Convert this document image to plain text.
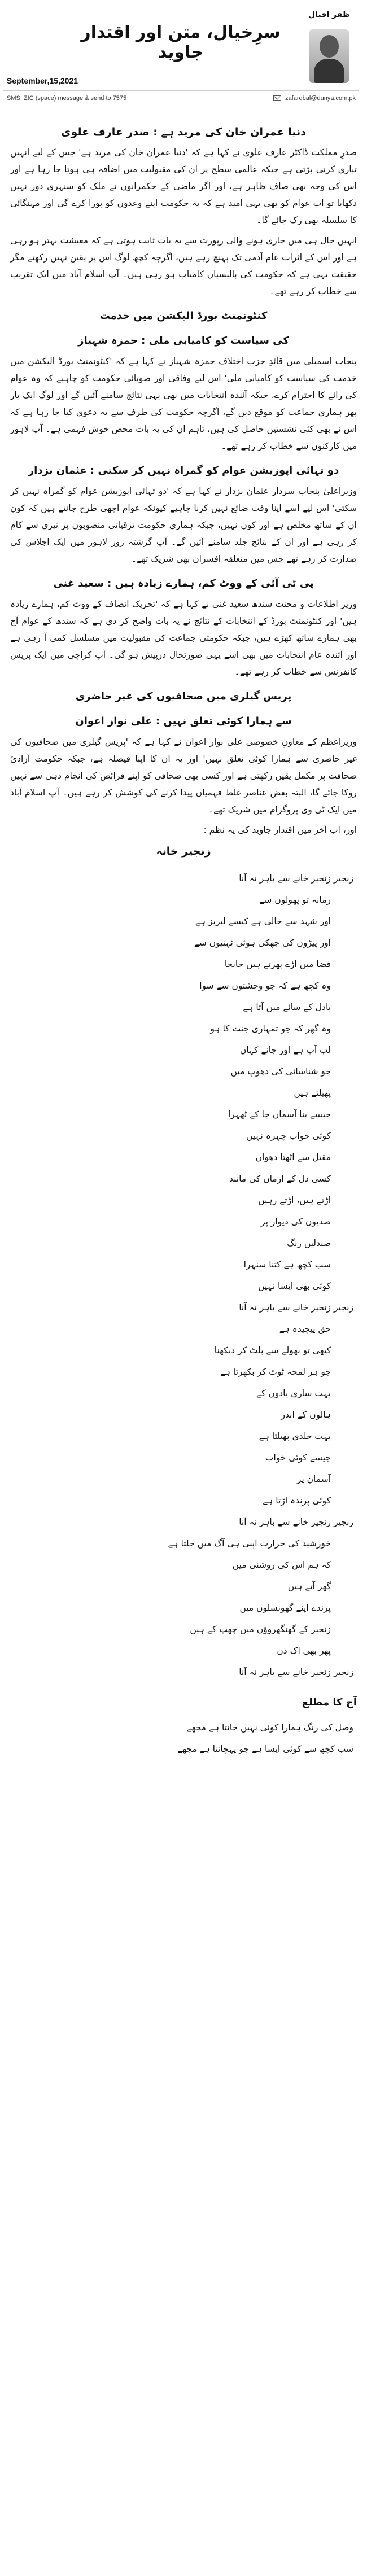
سرِخیال، متن اور اقتدار جاوید
ظفر اقبال
September,15,2021
SMS: ZIC (space) message & send to 7575	zafarqbal@dunya.com.pk
دنیا عمران خان کی مرید ہے : صدر عارف علوی

صدرِ مملکت ڈاکٹر عارف علوی نے کہا ہے کہ 'دنیا عمران خان کی مرید ہے' جس کے لیے انہیں تیاری کرنی پڑتی ہے جبکہ عالمی سطح پر ان کی مقبولیت میں اضافہ ہی ہوتا جا رہا ہے اور اس کی وجہ بھی صاف ظاہر ہے، اور اگر ماضی کے حکمرانوں نے ملک کو سنہری دور نہیں دکھایا تو اب عوام کو بھی یہی امید ہے کہ یہ حکومت اپنے وعدوں کو پورا کرے گی اور مہنگائی کا سلسلہ بھی رک جائے گا۔

انہیں حال ہی میں جاری ہونے والی رپورٹ سے یہ بات ثابت ہوتی ہے کہ معیشت بہتر ہو رہی ہے اور اس کے اثرات عام آدمی تک پہنچ رہے ہیں، اگرچہ کچھ لوگ اس پر یقین نہیں رکھتے مگر حقیقت یہی ہے کہ حکومت کی پالیسیاں کامیاب ہو رہی ہیں۔ آپ اسلام آباد میں ایک تقریب سے خطاب کر رہے تھے۔

کنٹونمنٹ بورڈ الیکشن میں خدمت
کی سیاست کو کامیابی ملی : حمزہ شہباز

پنجاب اسمبلی میں قائدِ حزب اختلاف حمزہ شہباز نے کہا ہے کہ 'کنٹونمنٹ بورڈ الیکشن میں خدمت کی سیاست کو کامیابی ملی' اس لیے وفاقی اور صوبائی حکومت کو چاہیے کہ وہ عوام کی رائے کا احترام کرے، جبکہ آئندہ انتخابات میں بھی یہی نتائج سامنے آئیں گے اور لوگ ایک بار پھر ہماری جماعت کو موقع دیں گے، اگرچہ حکومت کی طرف سے یہ دعویٰ کیا جا رہا ہے کہ اس نے بھی کئی نشستیں حاصل کی ہیں، تاہم ان کی یہ بات محض خوش فہمی ہے۔ آپ لاہور میں کارکنوں سے خطاب کر رہے تھے۔

دو تہائی اپوزیشن عوام کو گمراہ نہیں کر سکتی : عثمان بزدار

وزیراعلیٰ پنجاب سردار عثمان بزدار نے کہا ہے کہ 'دو تہائی اپوزیشن عوام کو گمراہ نہیں کر سکتی' اس لیے اسے اپنا وقت ضائع نہیں کرنا چاہیے کیونکہ عوام اچھی طرح جانتے ہیں کہ کون ان کے ساتھ مخلص ہے اور کون نہیں، جبکہ ہماری حکومت ترقیاتی منصوبوں پر تیزی سے کام کر رہی ہے اور ان کے نتائج جلد سامنے آئیں گے۔ آپ گزشتہ روز لاہور میں ایک اجلاس کی صدارت کر رہے تھے جس میں متعلقہ افسران بھی شریک تھے۔

پی ٹی آئی کے ووٹ کم، ہمارے زیادہ ہیں : سعید غنی

وزیر اطلاعات و محنت سندھ سعید غنی نے کہا ہے کہ 'تحریک انصاف کے ووٹ کم، ہمارے زیادہ ہیں' اور کنٹونمنٹ بورڈ کے انتخابات کے نتائج نے یہ بات واضح کر دی ہے کہ سندھ کے عوام آج بھی ہمارے ساتھ کھڑے ہیں، جبکہ حکومتی جماعت کی مقبولیت میں مسلسل کمی آ رہی ہے اور آئندہ عام انتخابات میں بھی اسے یہی صورتحال درپیش ہو گی۔ آپ کراچی میں ایک پریس کانفرنس سے خطاب کر رہے تھے۔

پریس گیلری میں صحافیوں کی غیر حاضری
سے ہمارا کوئی تعلق نہیں : علی نواز اعوان

وزیراعظم کے معاونِ خصوصی علی نواز اعوان نے کہا ہے کہ 'پریس گیلری میں صحافیوں کی غیر حاضری سے ہمارا کوئی تعلق نہیں' اور یہ ان کا اپنا فیصلہ ہے، جبکہ حکومت آزادیٔ صحافت پر مکمل یقین رکھتی ہے اور کسی بھی صحافی کو اپنے فرائض کی انجام دہی سے نہیں روکا جائے گا، البتہ بعض عناصر غلط فہمیاں پیدا کرنے کی کوشش کر رہے ہیں۔ آپ اسلام آباد میں ایک ٹی وی پروگرام میں شریک تھے۔

اور، اب آخر میں اقتدار جاوید کی یہ نظم :

زنجیر خانہ
زنجیر زنجیر خانے سے باہر نہ آنا
زمانہ تو پھولوں سے
اور شہد سے خالی ہے کیسے لبریز ہے
اور پیڑوں کی جھکی ہوئی ٹہنیوں سے
فضا میں اڑے پھرتے ہیں جابجا
وہ کچھ ہے کہ جو وحشتوں سے سوا
بادل کے سائے میں آتا ہے
وہ گھر کہ جو تمہاری جنت کا ہو
لب آب ہے اور جانے کہاں
جو شناسائی کی دھوپ میں
پھیلتے ہیں
جیسے بنا آسماں جا کے ٹھہرا
کوئی خواب چہرہ نہیں
مقتل سے اٹھتا دھواں
کسی دل کے ارمان کی مانند
اڑتے ہیں، اڑتے رہیں
صدیوں کی دیوار پر
صندلیں رنگ
سب کچھ ہے کتنا سنہرا
کوئی بھی ایسا نہیں
زنجیر زنجیر خانے سے باہر نہ آنا
حق پیچیدہ ہے
کبھی تو بھولے سے پلٹ کر دیکھنا
جو ہر لمحہ ٹوٹ کر بکھرتا ہے
بہت ساری یادوں کے
ہالوں کے اندر
بہت جلدی پھیلتا ہے
جیسے کوئی خواب
آسمان پر
کوئی پرندہ اڑتا ہے
زنجیر زنجیر خانے سے باہر نہ آنا
خورشید کی حرارت اپنی ہی آگ میں جلتا ہے
کہ ہم اس کی روشنی میں
گھر آتے ہیں
پرندے اپنے گھونسلوں میں
زنجیر کے گھنگھروؤں میں چھپ کے ہیں
پھر بھی اک دن
زنجیر زنجیر خانے سے باہر نہ آنا
آج کا مطلع
وصل کی رنگ ہمارا کوئی نہیں جانتا ہے مجھے
سب کچھ سے کوئی ایسا ہے جو پہچانتا ہے مجھے
